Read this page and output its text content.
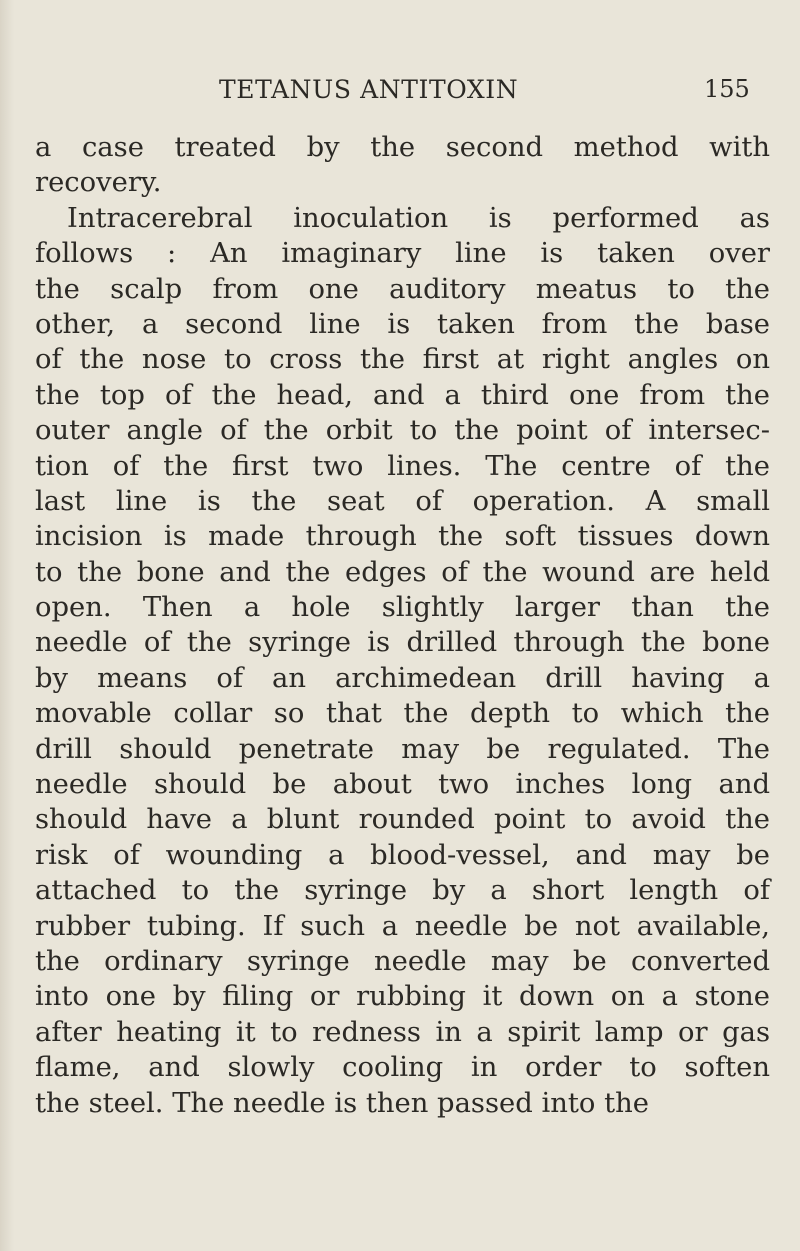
TETANUS ANTITOXIN	155
a case treated by the second method with
recovery.
Intracerebral inoculation is performed as
follows : An imaginary line is taken over
the scalp from one auditory meatus to the
other, a second line is taken from the base
of the nose to cross the first at right angles on
the top of the head, and a third one from the
outer angle of the orbit to the point of intersec-
tion of the first two lines. The centre of the
last line is the seat of operation. A small
incision is made through the soft tissues down
to the bone and the edges of the wound are held
open. Then a hole slightly larger than the
needle of the syringe is drilled through the bone
by means of an archimedean drill having a
movable collar so that the depth to which the
drill should penetrate may be regulated. The
needle should be about two inches long and
should have a blunt rounded point to avoid the
risk of wounding a blood-vessel, and may be
attached to the syringe by a short length of
rubber tubing. If such a needle be not available,
the ordinary syringe needle may be converted
into one by filing or rubbing it down on a stone
after heating it to redness in a spirit lamp or gas
flame, and slowly cooling in order to soften
the steel. The needle is then passed into the
